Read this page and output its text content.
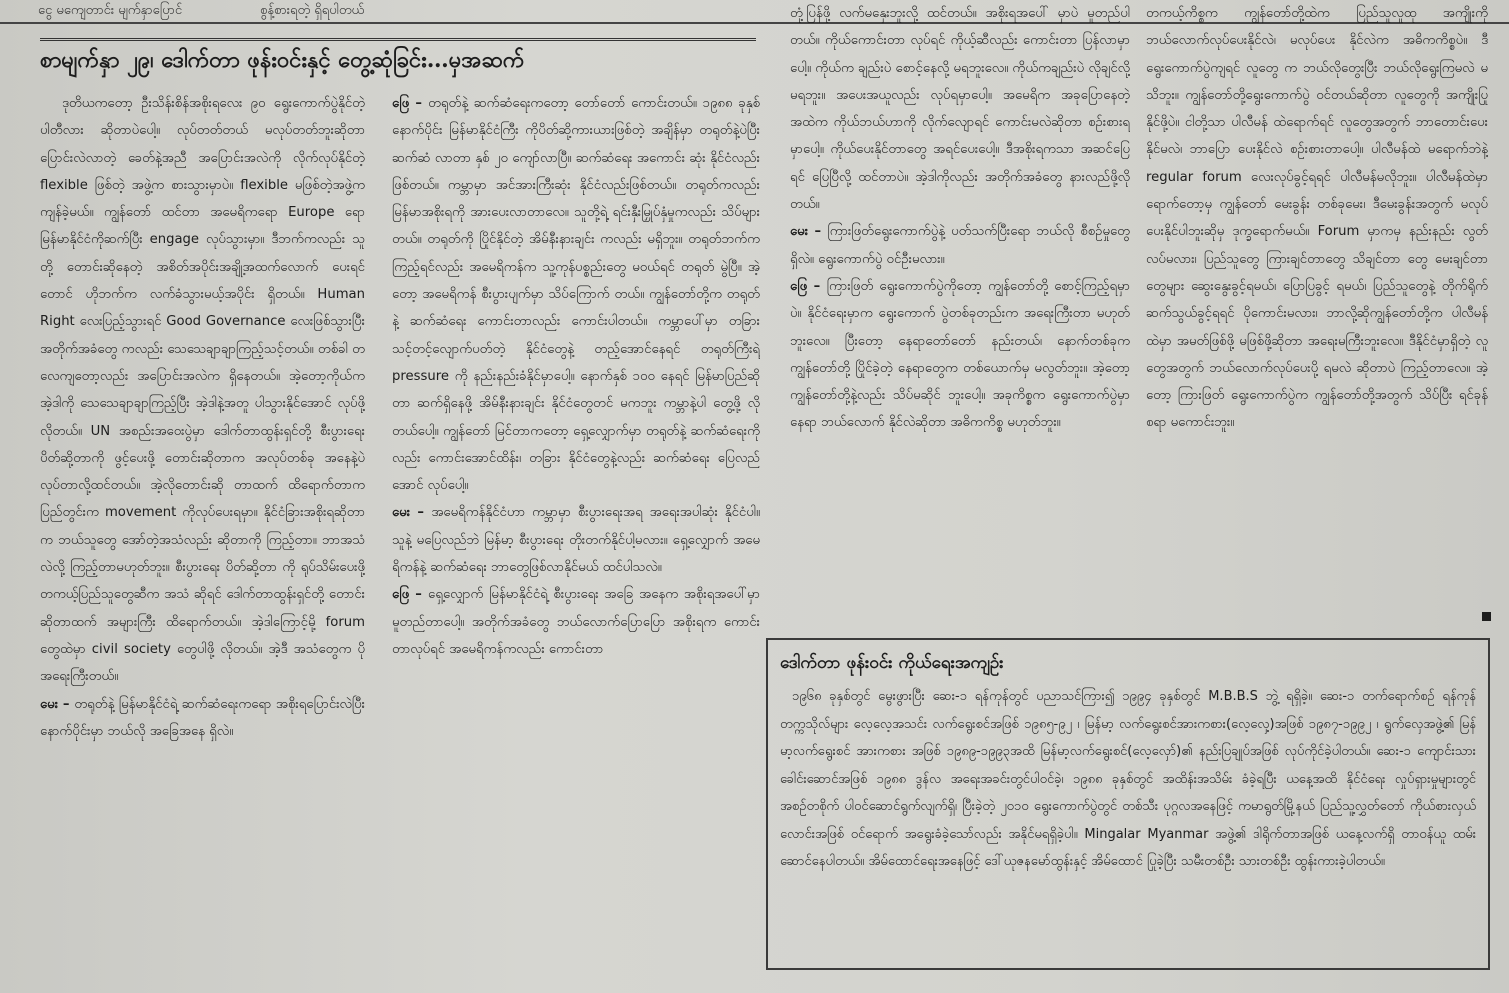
ငွေ မကျေတာင်း မျက်နှာပြောင်	စွန့်စားရတဲ့ ရှိရပါတယ်
စာမျက်နှာ ၂၉၊ ဒေါက်တာ ဖုန်းဝင်းနှင့် တွေ့ဆုံခြင်း…မှအဆက်

ဒုတိယကတော့ ဦးသိန်းစိန်အစိုးရလေး ၉၀ ရွေးကောက်ပွဲနိုင်တဲ့ ပါတီလား ဆိုတာပဲပေါ့။ လုပ်တတ်တယ် မလုပ်တတ်ဘူးဆိုတာ ပြောင်းလဲလာတဲ့ ခေတ်နဲ့အညီ အပြောင်းအလဲကို လိုက်လုပ်နိုင်တဲ့ flexible ဖြစ်တဲ့ အဖွဲ့က စားသွားမှာပဲ။ flexible မဖြစ်တဲ့အဖွဲ့က ကျန်ခဲ့မယ်။ ကျွန်တော် ထင်တာ အမေရိကရော Europe ရော မြန်မာနိုင်ငံကိုဆက်ပြီး engage လုပ်သွားမှာ။ ဒီဘက်ကလည်း သူတို့ တောင်းဆိုနေတဲ့ အစိတ်အပိုင်းအချို့အထက်လောက် ပေးရင် တောင် ဟိုဘက်က လက်ခံသွားမယ့်အပိုင်း ရှိတယ်။ Human Right လေးပြည့်သွားရင် Good Governance လေးဖြစ်သွားပြီး အတိုက်အခံတွေ ကလည်း သေသေချာချာကြည့်သင့်တယ်။ တစ်ခါ တလေကျတော့လည်း အပြောင်းအလဲက ရှိနေတယ်။ အဲ့တော့ကိုယ်က အဲ့ဒါကို သေသေချာချာကြည့်ပြီး အဲ့ဒါနဲ့အတူ ပါသွားနိုင်အောင် လုပ်ဖို့ လိုတယ်။ UN အစည်းအဝေးပွဲမှာ ဒေါက်တာထွန်းရှင်တို့ စီးပွားရေး ပိတ်ဆို့တာကို ဖွင့်ပေးဖို့ တောင်းဆိုတာက အလုပ်တစ်ခု အနေနဲ့ပဲ လုပ်တာလို့ထင်တယ်။ အဲ့လိုတောင်းဆို တာထက် ထိရောက်တာက ပြည်တွင်းက movement ကိုလုပ်ပေးရမှာ။ နိုင်ငံခြားအစိုးရဆိုတာက ဘယ်သူတွေ အော်တဲ့အသံလည်း ဆိုတာကို ကြည့်တာ။ ဘာအသံ လဲလို့ ကြည့်တာမဟုတ်ဘူး။ စီးပွားရေး ပိတ်ဆို့တာ ကို ရုပ်သိမ်းပေးဖို့ တကယ့်ပြည်သူတွေဆီက အသံ ဆိုရင် ဒေါက်တာထွန်းရှင်တို့ တောင်းဆိုတာထက် အများကြီး ထိရောက်တယ်။ အဲ့ဒါကြောင့်မို့ forum တွေထဲမှာ civil society တွေပါဖို့ လိုတယ်။ အဲ့ဒီ အသံတွေက ပိုအရေးကြီးတယ်။

မေး – တရုတ်နဲ့ မြန်မာနိုင်ငံရဲ့ ဆက်ဆံရေးကရော အစိုးရပြောင်းလဲပြီး နောက်ပိုင်းမှာ ဘယ်လို အခြေအနေ ရှိလဲ။

ဖြေ – တရုတ်နဲ့ ဆက်ဆံရေးကတော့ တော်တော် ကောင်းတယ်။ ၁၉၈၈ ခုနှစ်နောက်ပိုင်း မြန်မာနိုင်ငံကြီး ကိုပိတ်ဆို့ကားယားဖြစ်တဲ့ အချိန်မှာ တရုတ်နဲ့ပဲပြီး ဆက်ဆံ လာတာ နှစ် ၂၀ ကျော်လာပြီ။ ဆက်ဆံရေး အကောင်း ဆုံး နိုင်ငံလည်းဖြစ်တယ်။ ကမ္ဘာမှာ အင်အားကြီးဆုံး နိုင်ငံလည်းဖြစ်တယ်။ တရုတ်ကလည်း မြန်မာအစိုးရကို အားပေးလာတာလေ။ သူတို့ရဲ့ ရင်းနှီးမြှုပ်နှံမှုကလည်း သိပ်များတယ်။ တရုတ်ကို ပြိုင်နိုင်တဲ့ အိမ်နီးနားချင်း ကလည်း မရှိဘူး။ တရုတ်ဘက်က ကြည့်ရင်လည်း အမေရိကန်က သူ့ကုန်ပစ္စည်းတွေ မဝယ်ရင် တရုတ် မွဲပြီ။ အဲ့တော့ အမေရိကန် စီးပွားပျက်မှာ သိပ်ကြောက် တယ်။ ကျွန်တော်တို့က တရုတ်နဲ့ ဆက်ဆံရေး ကောင်းတာလည်း ကောင်းပါတယ်။ ကမ္ဘာပေါ်မှာ တခြား သင့်တင့်လျောက်ပတ်တဲ့ နိုင်ငံတွေနဲ့ တည့်အောင်နေရင် တရုတ်ကြီးရဲ့ pressure ကို နည်းနည်းခံနိုင်မှာပေါ့။ နောက်နှစ် ၁၀၀ နေရင် မြန်မာပြည်ဆိုတာ ဆက်ရှိနေဖို့ အိမ်နီးနားချင်း နိုင်ငံတွေတင် မကဘူး ကမ္ဘာနဲ့ပါ တွေ့ဖို့ လိုတယ်ပေါ့။ ကျွန်တော် မြင်တာကတော့ ရှေ့လျှောက်မှာ တရုတ်နဲ့ ဆက်ဆံရေးကိုလည်း ကောင်းအောင်ထိန်း၊ တခြား နိုင်ငံတွေနဲ့လည်း ဆက်ဆံရေး ပြေလည်အောင် လုပ်ပေါ့။

မေး – အမေရိကန်နိုင်ငံဟာ ကမ္ဘာမှာ စီးပွားရေးအရ အရေးအပါဆုံး နိုင်ငံပါ။ သူနဲ့ မပြေလည်ဘဲ မြန်မာ့ စီးပွားရေး တိုးတက်နိုင်ပါ့မလား။ ရှေ့လျှောက် အမေရိကန်နဲ့ ဆက်ဆံရေး ဘာတွေဖြစ်လာနိုင်မယ် ထင်ပါသလဲ။

ဖြေ – ရှေ့လျှောက် မြန်မာနိုင်ငံရဲ့ စီးပွားရေး အခြေ အနေက အစိုးရအပေါ်မှာ မူတည်တာပေါ့။ အတိုက်အခံတွေ ဘယ်လောက်ပြောပြော အစိုးရက ကောင်းတာလုပ်ရင် အမေရိကန်ကလည်း ကောင်းတာ

တုံ့ပြန်ဖို့ လက်မနှေးဘူးလို့ ထင်တယ်။ အစိုးရအပေါ် မှာပဲ မူတည်ပါတယ်။ ကိုယ်ကောင်းတာ လုပ်ရင် ကိုယ့်ဆီလည်း ကောင်းတာ ပြန်လာမှာပေါ့။ ကိုယ်က ချည်းပဲ စောင့်နေလို့ မရဘူးလေ။ ကိုယ်ကချည်းပဲ လိုချင်လို့ မရဘူး။ အပေးအယူလည်း လုပ်ရမှာပေါ့။ အမေရိက အခုပြောနေတဲ့ အထဲက ကိုယ်ဘယ်ဟာကို လိုက်လျောရင် ကောင်းမလဲဆိုတာ စဉ်းစားရမှာပေါ့။ ကိုယ်ပေးနိုင်တာတွေ အရင်ပေးပေါ့။ ဒီအစိုးရကသာ အဆင်ပြေရင် ပြေပြီလို့ ထင်တာပဲ။ အဲ့ဒါကိုလည်း အတိုက်အခံတွေ နားလည်ဖို့လိုတယ်။

မေး – ကြားဖြတ်ရွေးကောက်ပွဲနဲ့ ပတ်သက်ပြီးရော ဘယ်လို စီစဉ်မှုတွေ ရှိလဲ။ ရွေးကောက်ပွဲ ဝင်ဦးမလား။

ဖြေ – ကြားဖြတ် ရွေးကောက်ပွဲကိုတော့ ကျွန်တော်တို့ စောင့်ကြည့်ရမှာပဲ။ နိုင်ငံရေးမှာက ရွေးကောက် ပွဲတစ်ခုတည်းက အရေးကြီးတာ မဟုတ်ဘူးလေ။ ပြီးတော့ နေရာတော်တော် နည်းတယ်၊ နောက်တစ်ခုက ကျွန်တော်တို့ ပြိုင်ခဲ့တဲ့ နေရာတွေက တစ်ယောက်မှ မလွတ်ဘူး။ အဲ့တော့ ကျွန်တော်တို့နဲ့လည်း သိပ်မဆိုင် ဘူးပေါ့။ အခုကိစ္စက ရွေးကောက်ပွဲမှာ နေရာ ဘယ်လောက် နိုင်လဲဆိုတာ အဓိကကိစ္စ မဟုတ်ဘူး။

တကယ့်ကိစ္စက ကျွန်တော်တို့ထဲက ပြည်သူလူထု အကျိုးကို ဘယ်လောက်လုပ်ပေးနိုင်လဲ၊ မလုပ်ပေး နိုင်လဲက အဓိကကိစ္စပဲ။ ဒီရွေးကောက်ပွဲကျရင် လူတွေ က ဘယ်လိုတွေးပြီး ဘယ်လိုရွေးကြမလဲ မသိဘူး။ ကျွန်တော်တို့ရွေးကောက်ပွဲ ဝင်တယ်ဆိုတာ လူတွေကို အကျိုးပြုနိုင်ဖို့ပဲ။ ငါတို့သာ ပါလီမန် ထဲရောက်ရင် လူတွေအတွက် ဘာတောင်းပေးနိုင်မလဲ၊ ဘာပြော ပေးနိုင်လဲ စဉ်းစားတာပေါ့။ ပါလီမန်ထဲ မရောက်ဘဲနဲ့ regular forum လေးလုပ်ခွင့်ရရင် ပါလီမန်မလိုဘူး။ ပါလီမန်ထဲမှာ ရောက်တော့မှ ကျွန်တော် မေးခွန်း တစ်ခုမေး၊ ဒီမေးခွန်းအတွက် မလုပ်ပေးနိုင်ပါဘူးဆိုမှ ဒုက္ခရောက်မယ်။ Forum မှာကမှ နည်းနည်း လွတ် လပ်မလား၊ ပြည်သူတွေ ကြားချင်တာတွေ သိချင်တာ တွေ မေးချင်တာတွေများ ဆွေးနွေးခွင့်ရမယ်၊ ပြောပြခွင့် ရမယ်၊ ပြည်သူတွေနဲ့ တိုက်ရိုက်ဆက်သွယ်ခွင့်ရရင် ပိုကောင်းမလား၊ ဘာလို့ဆိုကျွန်တော်တို့က ပါလီမန် ထဲမှာ အမတ်ဖြစ်ဖို့ မဖြစ်ဖို့ဆိုတာ အရေးမကြီးဘူးလေ။ ဒီနိုင်ငံမှာရှိတဲ့ လူတွေအတွက် ဘယ်လောက်လုပ်ပေးပို့ ရမလဲ ဆိုတာပဲ ကြည့်တာလေ။ အဲ့တော့ ကြားဖြတ် ရွေးကောက်ပွဲက ကျွန်တော်တို့အတွက် သိပ်ပြီး ရင်ခုန် စရာ မကောင်းဘူး။

ဒေါက်တာ ဖုန်းဝင်း ကိုယ်ရေးအကျဉ်း

၁၉၆၈ ခုနှစ်တွင် မွေးဖွားပြီး ဆေး-၁ ရန်ကုန်တွင် ပညာသင်ကြား၍ ၁၉၉၄ ခုနှစ်တွင် M.B.B.S ဘွဲ့ ရရှိခဲ့။ ဆေး-၁ တက်ရောက်စဉ် ရန်ကုန်တက္ကသိုလ်များ လေ့လေ့အသင်း လက်ရွေးစင်အဖြစ် ၁၉၈၅-၉၂ ၊ မြန်မာ့ လက်ရွေးစင်အားကစား(လေ့လှေ့)အဖြစ် ၁၉၈၇-၁၉၉၂ ၊ ရွက်လှေအဖွဲ့၏ မြန်မာ့လက်ရွေးစင် အားကစား အဖြစ် ၁၉၈၉-၁၉၉၃အထိ မြန်မာ့လက်ရွေးစင်(လေ့လှော်)၏ နည်းပြချုပ်အဖြစ် လုပ်ကိုင်ခဲ့ပါတယ်။ ဆေး-၁ ကျောင်းသားခေါင်းဆောင်အဖြစ် ၁၉၈၈ ဒွန်လ အရေးအခင်းတွင်ပါဝင်ခဲ့၊ ၁၉၈၈ ခုနှစ်တွင် အထိန်းအသိမ်း ခံခဲ့ရပြီး ယနေ့အထိ နိုင်ငံရေး လှုပ်ရှားမှုများတွင် အစဉ်တစိုက် ပါဝင်ဆောင်ရွက်လျက်ရှိ၊ ပြီးခဲ့တဲ့ ၂၀၁၀ ရွေးကောက်ပွဲတွင် တစ်သီး ပုဂ္ဂလအနေဖြင့် ကမာရွတ်မြို့နယ် ပြည်သူ့လွှတ်တော် ကိုယ်စားလှယ်လောင်းအဖြစ် ဝင်ရောက် အရွေးခံခဲ့သော်လည်း အနိုင်မရရှိခဲ့ပါ။ Mingalar Myanmar အဖွဲ့၏ ဒါရိုက်တာအဖြစ် ယနေ့လက်ရှိ တာဝန်ယူ ထမ်းဆောင်နေပါတယ်။ အိမ်ထောင်ရေးအနေဖြင့် ဒေါ်ယုဇနမော်ထွန်းနှင့် အိမ်ထောင် ပြုခဲ့ပြီး သမီးတစ်ဦး သားတစ်ဦး ထွန်းကားခဲ့ပါတယ်။
